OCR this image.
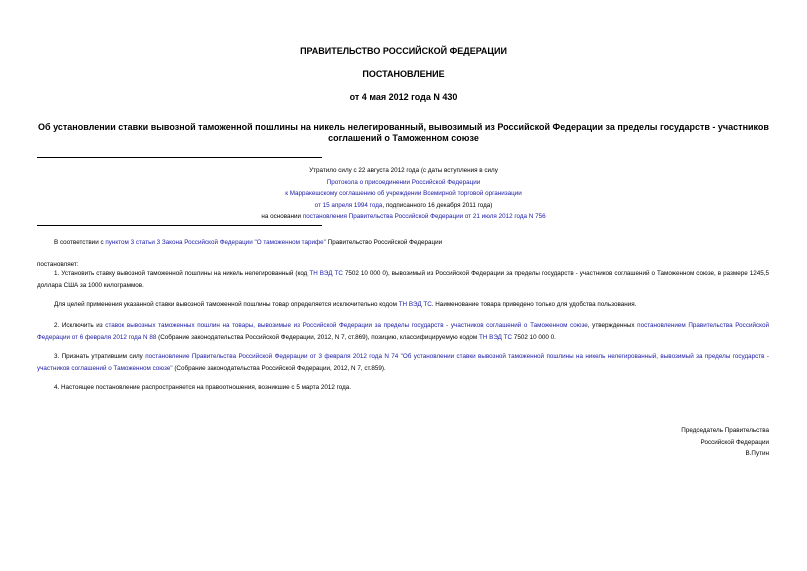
ПРАВИТЕЛЬСТВО РОССИЙСКОЙ ФЕДЕРАЦИИ
ПОСТАНОВЛЕНИЕ
от 4 мая 2012 года N 430
Об установлении ставки вывозной таможенной пошлины на никель нелегированный, вывозимый из Российской Федерации за пределы государств - участников соглашений о Таможенном союзе
Утратило силу с 22 августа 2012 года (с даты вступления в силу
Протокола о присоединении Российской Федерации
к Марракешскому соглашению об учреждении Всемирной торговой организации
от 15 апреля 1994 года, подписанного 16 декабря 2011 года)
на основании постановления Правительства Российской Федерации от 21 июля 2012 года N 756
В соответствии с пунктом 3 статьи 3 Закона Российской Федерации "О таможенном тарифе" Правительство Российской Федерации
постановляет:
1. Установить ставку вывозной таможенной пошлины на никель нелегированный (код ТН ВЭД ТС 7502 10 000 0), вывозимый из Российской Федерации за пределы государств - участников соглашений о Таможенном союзе, в размере 1245,5 доллара США за 1000 килограммов.
Для целей применения указанной ставки вывозной таможенной пошлины товар определяется исключительно кодом ТН ВЭД ТС. Наименование товара приведено только для удобства пользования.
2. Исключить из ставок вывозных таможенных пошлин на товары, вывозимые из Российской Федерации за пределы государств - участников соглашений о Таможенном союзе, утвержденных постановлением Правительства Российской Федерации от 6 февраля 2012 года N 88 (Собрание законодательства Российской Федерации, 2012, N 7, ст.869), позицию, классифицируемую кодом ТН ВЭД ТС 7502 10 000 0.
3. Признать утратившим силу постановление Правительства Российской Федерации от 3 февраля 2012 года N 74 "Об установлении ставки вывозной таможенной пошлины на никель нелегированный, вывозимый за пределы государств - участников соглашений о Таможенном союзе" (Собрание законодательства Российской Федерации, 2012, N 7, ст.859).
4. Настоящее постановление распространяется на правоотношения, возникшие с 5 марта 2012 года.
Председатель Правительства
Российской Федерации
В.Путин
